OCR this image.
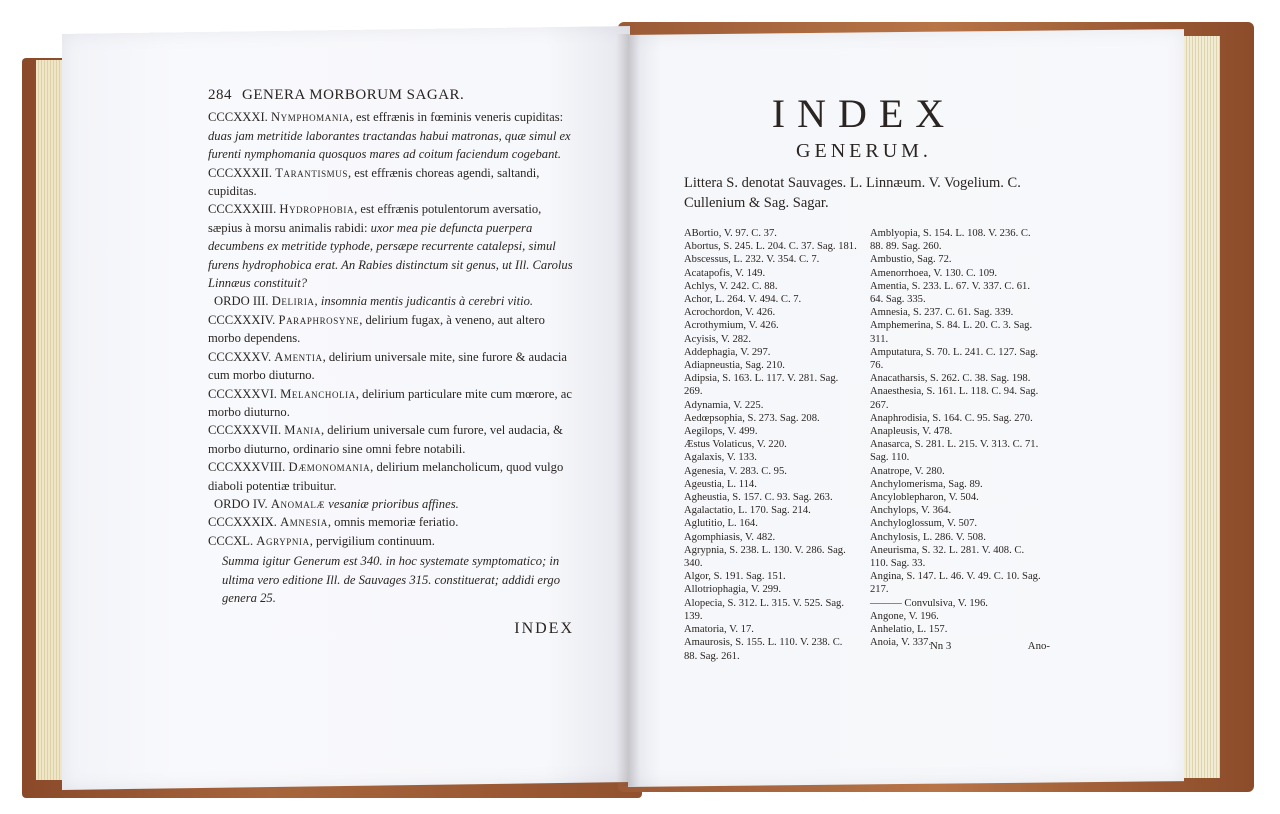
284 GENERA MORBORUM SAGAR.

CCCXXXI. Nymphomania, est effrænis in fœminis veneris cupiditas: duas jam metritide laborantes tractandas habui matronas, quæ simul ex furenti nymphomania quosquos mares ad coitum faciendum cogebant.

CCCXXXII. Tarantismus, est effrænis choreas agendi, saltandi, cupiditas.

CCCXXXIII. Hydrophobia, est effrænis potulentorum aversatio, sæpius à morsu animalis rabidi: uxor mea pie defuncta puerpera decumbens ex metritide typhode, persæpe recurrente catalepsi, simul furens hydrophobica erat. An Rabies distinctum sit genus, ut Ill. Carolus Linnæus constituit?

ORDO III. Deliria, insomnia mentis judicantis à cerebri vitio.

CCCXXXIV. Paraphrosyne, delirium fugax, à veneno, aut altero morbo dependens.

CCCXXXV. Amentia, delirium universale mite, sine furore & audacia cum morbo diuturno.

CCCXXXVI. Melancholia, delirium particulare mite cum mœrore, ac morbo diuturno.

CCCXXXVII. Mania, delirium universale cum furore, vel audacia, & morbo diuturno, ordinario sine omni febre notabili.

CCCXXXVIII. Dæmonomania, delirium melancholicum, quod vulgo diaboli potentiæ tribuitur.

ORDO IV. Anomalæ vesaniæ prioribus affines.

CCCXXXIX. Amnesia, omnis memoriæ feriatio.

CCCXL. Agrypnia, pervigilium continuum.

Summa igitur Generum est 340. in hoc systemate symptomatico; in ultima vero editione Ill. de Sauvages 315. constituerat; addidi ergo genera 25.

INDEX
INDEX
GENERUM.
Littera S. denotat Sauvages. L. Linnæum. V. Vogelium. C. Cullenium & Sag. Sagar.

ABortio, V. 97. C. 37.

Abortus, S. 245. L. 204. C. 37. Sag. 181.

Abscessus, L. 232. V. 354. C. 7.

Acatapofis, V. 149.

Achlys, V. 242. C. 88.

Achor, L. 264. V. 494. C. 7.

Acrochordon, V. 426.

Acrothymium, V. 426.

Acyisis, V. 282.

Addephagia, V. 297.

Adiapneustia, Sag. 210.

Adipsia, S. 163. L. 117. V. 281. Sag. 269.

Adynamia, V. 225.

Aedœpsophia, S. 273. Sag. 208.

Aegilops, V. 499.

Æstus Volaticus, V. 220.

Agalaxis, V. 133.

Agenesia, V. 283. C. 95.

Ageustia, L. 114.

Agheustia, S. 157. C. 93. Sag. 263.

Agalactatio, L. 170. Sag. 214.

Aglutitio, L. 164.

Agomphiasis, V. 482.

Agrypnia, S. 238. L. 130. V. 286. Sag. 340.

Algor, S. 191. Sag. 151.

Allotriophagia, V. 299.

Alopecia, S. 312. L. 315. V. 525. Sag. 139.

Amatoria, V. 17.

Amaurosis, S. 155. L. 110. V. 238. C. 88. Sag. 261.

Amblyopia, S. 154. L. 108. V. 236. C. 88. 89. Sag. 260.

Ambustio, Sag. 72.

Amenorrhoea, V. 130. C. 109.

Amentia, S. 233. L. 67. V. 337. C. 61. 64. Sag. 335.

Amnesia, S. 237. C. 61. Sag. 339.

Amphemerina, S. 84. L. 20. C. 3. Sag. 311.

Amputatura, S. 70. L. 241. C. 127. Sag. 76.

Anacatharsis, S. 262. C. 38. Sag. 198.

Anaesthesia, S. 161. L. 118. C. 94. Sag. 267.

Anaphrodisia, S. 164. C. 95. Sag. 270.

Anapleusis, V. 478.

Anasarca, S. 281. L. 215. V. 313. C. 71. Sag. 110.

Anatrope, V. 280.

Anchylomerisma, Sag. 89.

Ancyloblepharon, V. 504.

Anchylops, V. 364.

Anchyloglossum, V. 507.

Anchylosis, L. 286. V. 508.

Aneurisma, S. 32. L. 281. V. 408. C. 110. Sag. 33.

Angina, S. 147. L. 46. V. 49. C. 10. Sag. 217.

——— Convulsiva, V. 196.

Angone, V. 196.

Anhelatio, L. 157.

Anoia, V. 337.

Nn 3	Ano-
